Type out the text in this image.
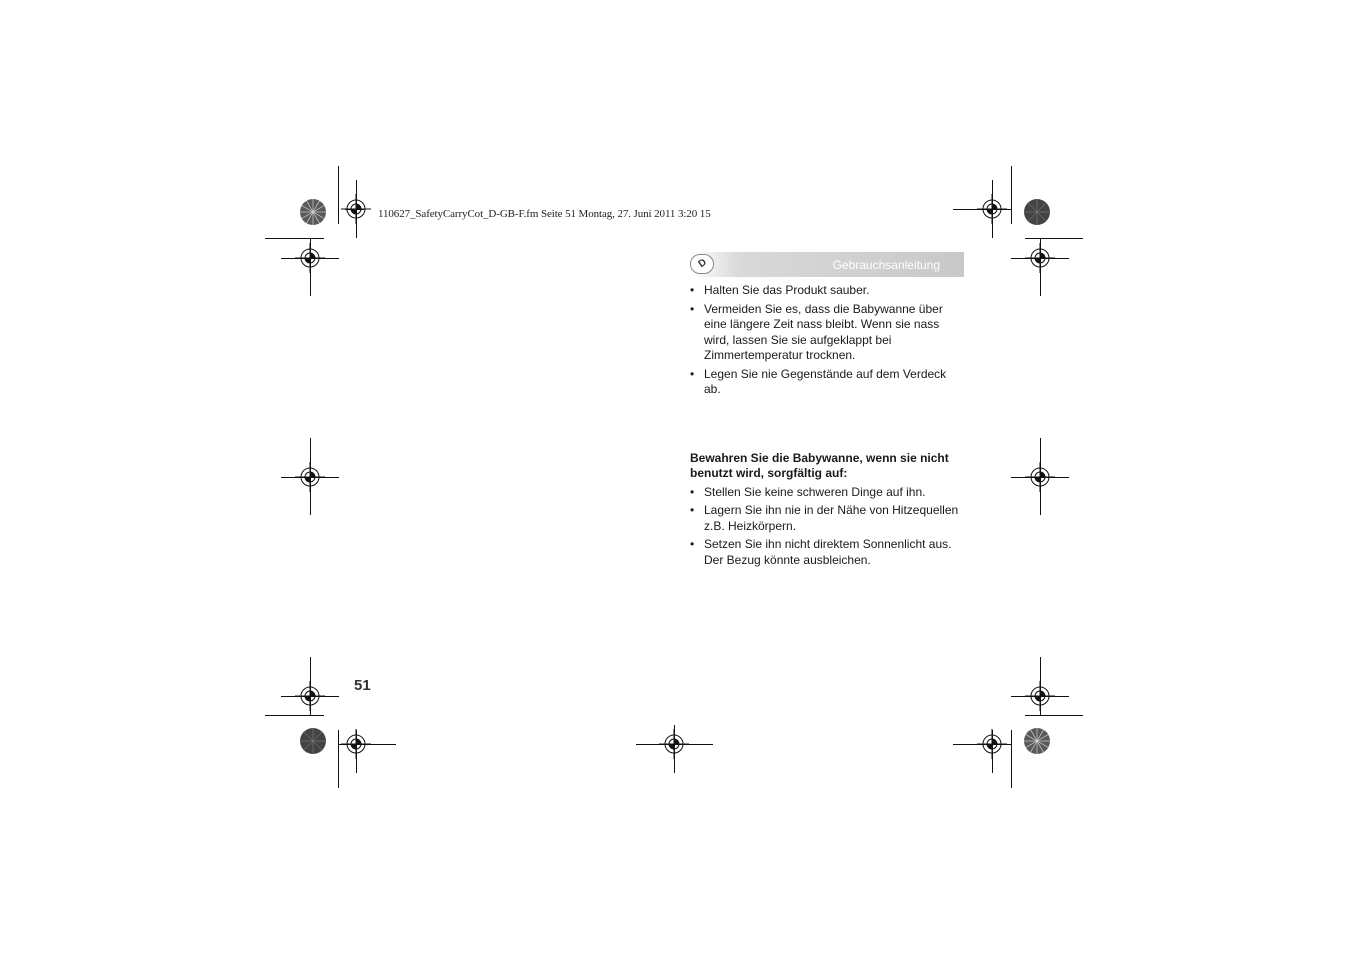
110627_SafetyCarryCot_D-GB-F.fm Seite 51 Montag, 27. Juni 2011 3:20 15
D	Gebrauchsanleitung
• Halten Sie das Produkt sauber.
• Vermeiden Sie es, dass die Babywanne über eine längere Zeit nass bleibt. Wenn sie nass wird, lassen Sie sie aufgeklappt bei Zimmertemperatur trocknen.
• Legen Sie nie Gegenstände auf dem Verdeck ab.
Bewahren Sie die Babywanne, wenn sie nicht benutzt wird, sorgfältig auf:
• Stellen Sie keine schweren Dinge auf ihn.
• Lagern Sie ihn nie in der Nähe von Hitzequellen z.B. Heizkörpern.
• Setzen Sie ihn nicht direktem Sonnenlicht aus. Der Bezug könnte ausbleichen.
51
